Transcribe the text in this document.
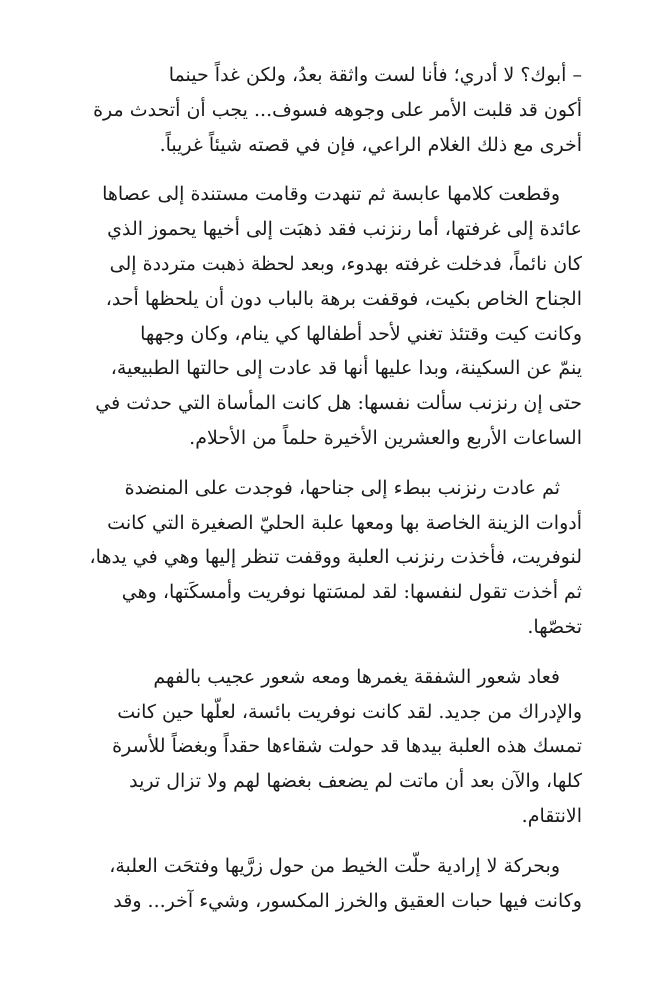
– أبوك؟ لا أدري؛ فأنا لست واثقة بعدُ، ولكن غداً حينما
أكون قد قلبت الأمر على وجوهه فسوف... يجب أن أتحدث مرة
أخرى مع ذلك الغلام الراعي، فإن في قصته شيئاً غريباً.
وقطعت كلامها عابسة ثم تنهدت وقامت مستندة إلى عصاها
عائدة إلى غرفتها، أما رنزنب فقد ذهبَت إلى أخيها يحموز الذي
كان نائماً، فدخلت غرفته بهدوء، وبعد لحظة ذهبت مترددة إلى
الجناح الخاص بكيت، فوقفت برهة بالباب دون أن يلحظها أحد،
وكانت كيت وقتئذ تغني لأحد أطفالها كي ينام، وكان وجهها
ينمّ عن السكينة، وبدا عليها أنها قد عادت إلى حالتها الطبيعية،
حتى إن رنزنب سألت نفسها: هل كانت المأساة التي حدثت في
الساعات الأربع والعشرين الأخيرة حلماً من الأحلام.
ثم عادت رنزنب ببطء إلى جناحها، فوجدت على المنضدة
أدوات الزينة الخاصة بها ومعها علبة الحليّ الصغيرة التي كانت
لنوفريت، فأخذت رنزنب العلبة ووقفت تنظر إليها وهي في يدها،
ثم أخذت تقول لنفسها: لقد لمسَتها نوفريت وأمسكَتها، وهي
تخصّها.
فعاد شعور الشفقة يغمرها ومعه شعور عجيب بالفهم
والإدراك من جديد. لقد كانت نوفريت بائسة، لعلّها حين كانت
تمسك هذه العلبة بيدها قد حولت شقاءها حقداً وبغضاً للأسرة
كلها، والآن بعد أن ماتت لم يضعف بغضها لهم ولا تزال تريد
الانتقام.
وبحركة لا إرادية حلّت الخيط من حول زرَّيها وفتحَت العلبة،
وكانت فيها حبات العقيق والخرز المكسور، وشيء آخر... وقد
